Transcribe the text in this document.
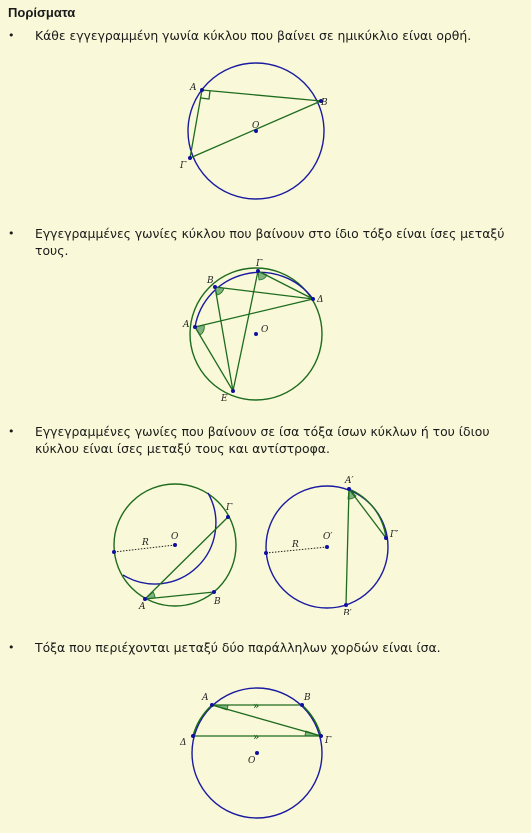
Πορίσματα
• Κάθε εγγεγραμμένη γωνία κύκλου που βαίνει σε ημικύκλιο είναι ορθή.
A
B
Γ
O
• Εγγεγραμμένες γωνίες κύκλου που βαίνουν στο ίδιο τόξο είναι ίσες μεταξύ τους.
A
B
Γ
Δ
E
O
• Εγγεγραμμένες γωνίες που βαίνουν σε ίσα τόξα ίσων κύκλων ή του ίδιου κύκλου είναι ίσες μεταξύ τους και αντίστροφα.
R
O
Γ
A	B
R
O′
A′
Γ′
B′
• Τόξα που περιέχονται μεταξύ δύο παράλληλων χορδών είναι ίσα.
»
»
A	B
Δ	Γ
O
